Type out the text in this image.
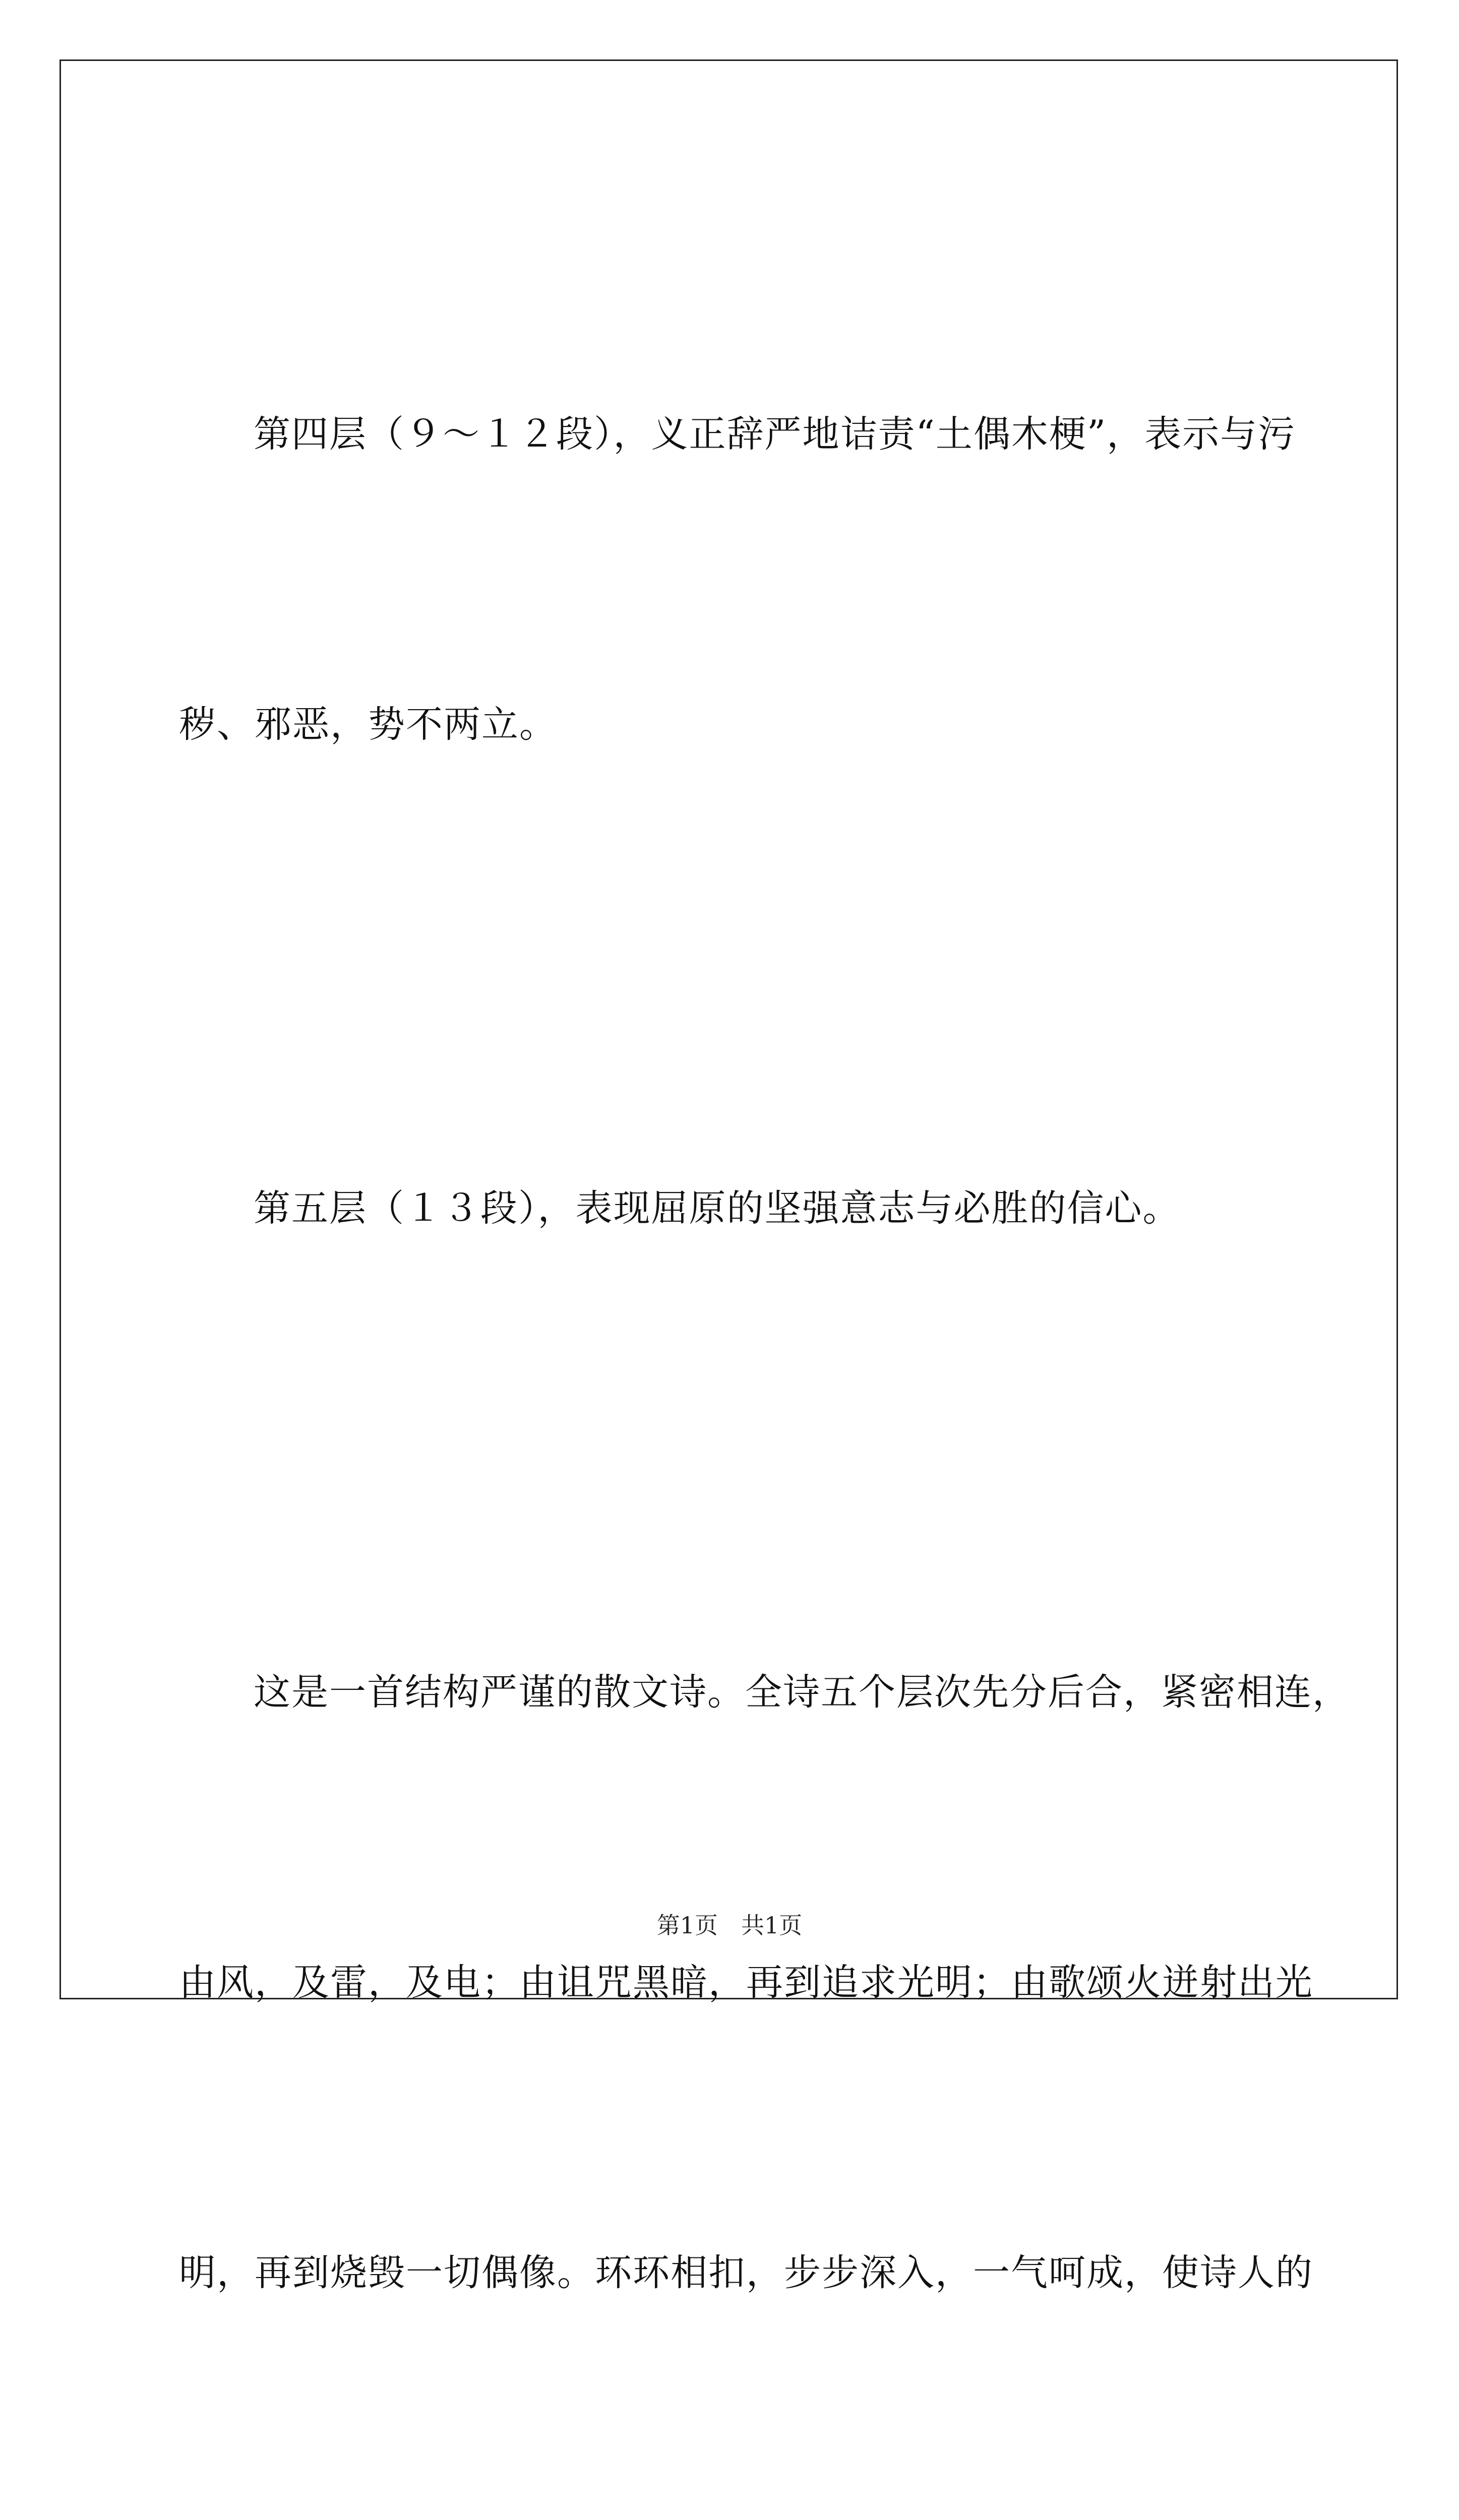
第四层（９～１２段），义正辞严地诘责“土偶木梗”，表示与污

秽、邪恶，势不两立。

第五层（１３段），表现屈原的坚强意志与必胜的信心。

这是一首结构严谨的散文诗。全诗五个层次先分后合，紧密相连，

由风，及雷，及电；由诅咒黑暗，再到追求光明；由歌颂火迸射出光

明，再到烧毁一切偶像。环环相扣，步步深入，一气呵成，使诗人的

第1页　共1页
